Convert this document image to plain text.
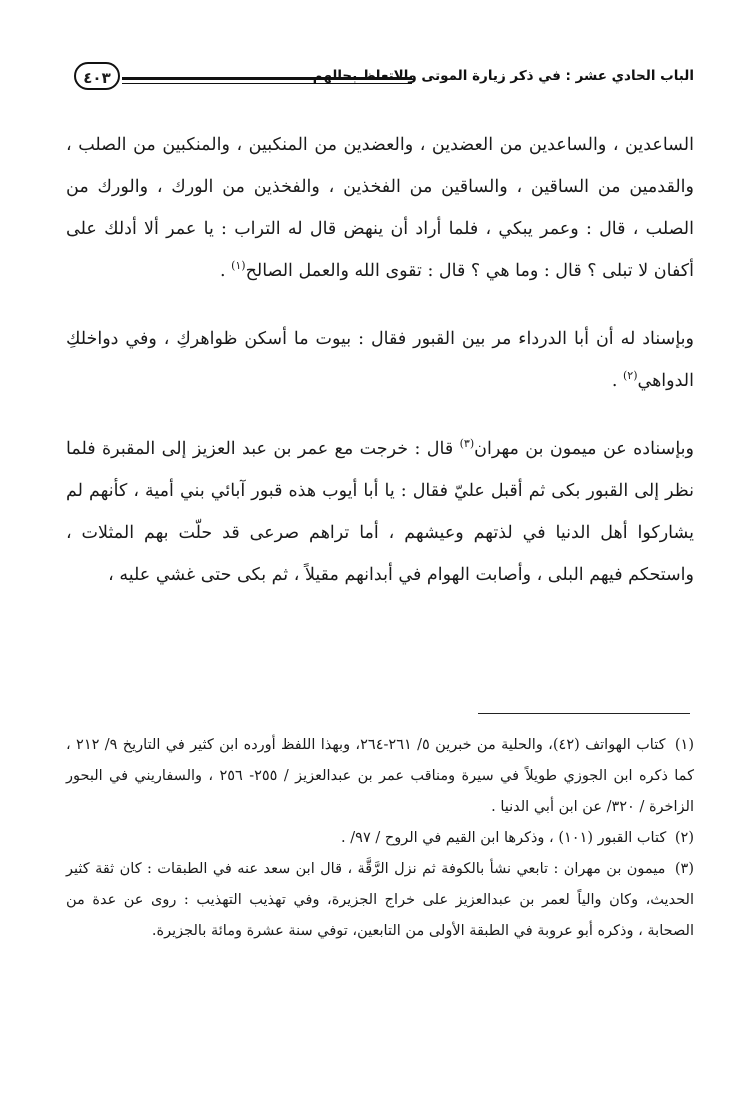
الباب الحادي عشر : في ذكر زيارة الموتى والاتعاظ بحالهم
٤٠٣

الساعدين ، والساعدين من العضدين ، والعضدين من المنكبين ، والمنكبين من الصلب ، والقدمين من الساقين ، والساقين من الفخذين ، والفخذين من الورك ، والورك من الصلب ، قال : وعمر يبكي ، فلما أراد أن ينهض قال له التراب : يا عمر ألا أدلك على أكفان لا تبلى ؟ قال : وما هي ؟ قال : تقوى الله والعمل الصالح$^{(١)}$ .

وبإسناد له أن أبا الدرداء مر بين القبور فقال : بيوت ما أسكن ظواهركِ ، وفي دواخلكِ الدواهي$^{(٢)}$ .

وبإسناده عن ميمون بن مهران$^{(٣)}$ قال : خرجت مع عمر بن عبد العزيز إلى المقبرة فلما نظر إلى القبور بكى ثم أقبل عليّ فقال : يا أبا أيوب هذه قبور آبائي بني أمية ، كأنهم لم يشاركوا أهل الدنيا في لذتهم وعيشهم ، أما تراهم صرعى قد حلّت بهم المثلات ، واستحكم فيهم البلى ، وأصابت الهوام في أبدانهم مقيلاً ، ثم بكى حتى غشي عليه ،

(١) كتاب الهواتف (٤٢)، والحلية من خبرين ٥/ ٢٦١-٢٦٤، وبهذا اللفظ أورده ابن كثير في التاريخ ٩/ ٢١٢ ، كما ذكره ابن الجوزي طويلاً في سيرة ومناقب عمر بن عبدالعزيز / ٢٥٥- ٢٥٦ ، والسفاريني في البحور الزاخرة / ٣٢٠/ عن ابن أبي الدنيا .

(٢) كتاب القبور (١٠١) ، وذكرها ابن القيم في الروح / ٩٧/ .

(٣) ميمون بن مهران : تابعي نشأ بالكوفة ثم نزل الرَّقَّة ، قال ابن سعد عنه في الطبقات : كان ثقة كثير الحديث، وكان والياً لعمر بن عبدالعزيز على خراج الجزيرة، وفي تهذيب التهذيب : روى عن عدة من الصحابة ، وذكره أبو عروبة في الطبقة الأولى من التابعين، توفي سنة عشرة ومائة بالجزيرة.
